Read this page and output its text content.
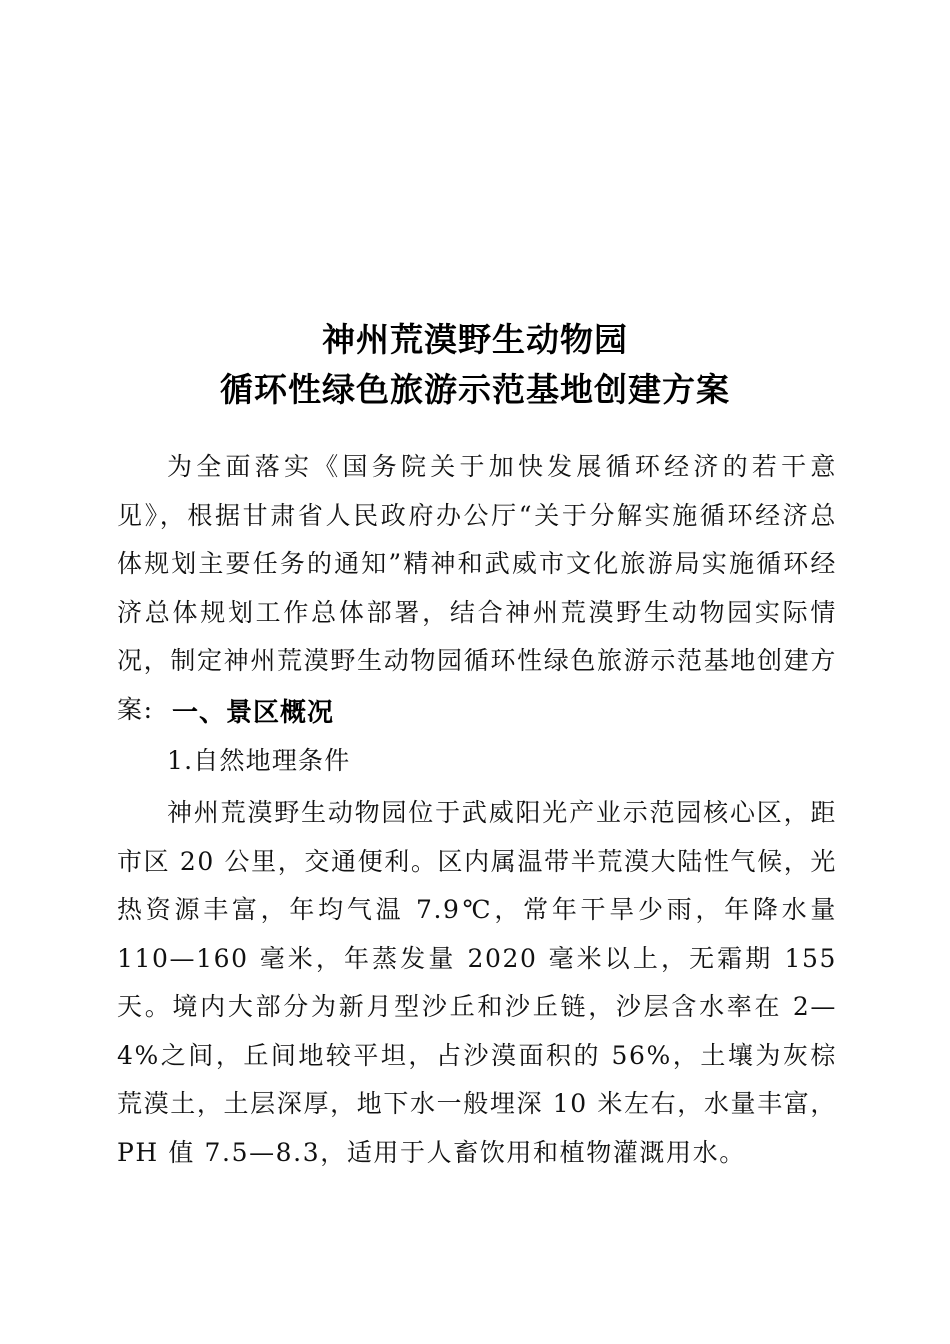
神州荒漠野生动物园
循环性绿色旅游示范基地创建方案

为全面落实《国务院关于加快发展循环经济的若干意见》，根据甘肃省人民政府办公厅“关于分解实施循环经济总体规划主要任务的通知”精神和武威市文化旅游局实施循环经济总体规划工作总体部署，结合神州荒漠野生动物园实际情况，制定神州荒漠野生动物园循环性绿色旅游示范基地创建方案: 一、景区概况
1.自然地理条件

神州荒漠野生动物园位于武威阳光产业示范园核心区，距市区 20 公里，交通便利。区内属温带半荒漠大陆性气候，光热资源丰富，年均气温 7.9℃，常年干旱少雨，年降水量 110—160 毫米，年蒸发量 2020 毫米以上，无霜期 155 天。境内大部分为新月型沙丘和沙丘链，沙层含水率在 2—4%之间，丘间地较平坦，占沙漠面积的 56%，土壤为灰棕荒漠土，土层深厚，地下水一般埋深 10 米左右，水量丰富，PH 值 7.5—8.3，适用于人畜饮用和植物灌溉用水。
